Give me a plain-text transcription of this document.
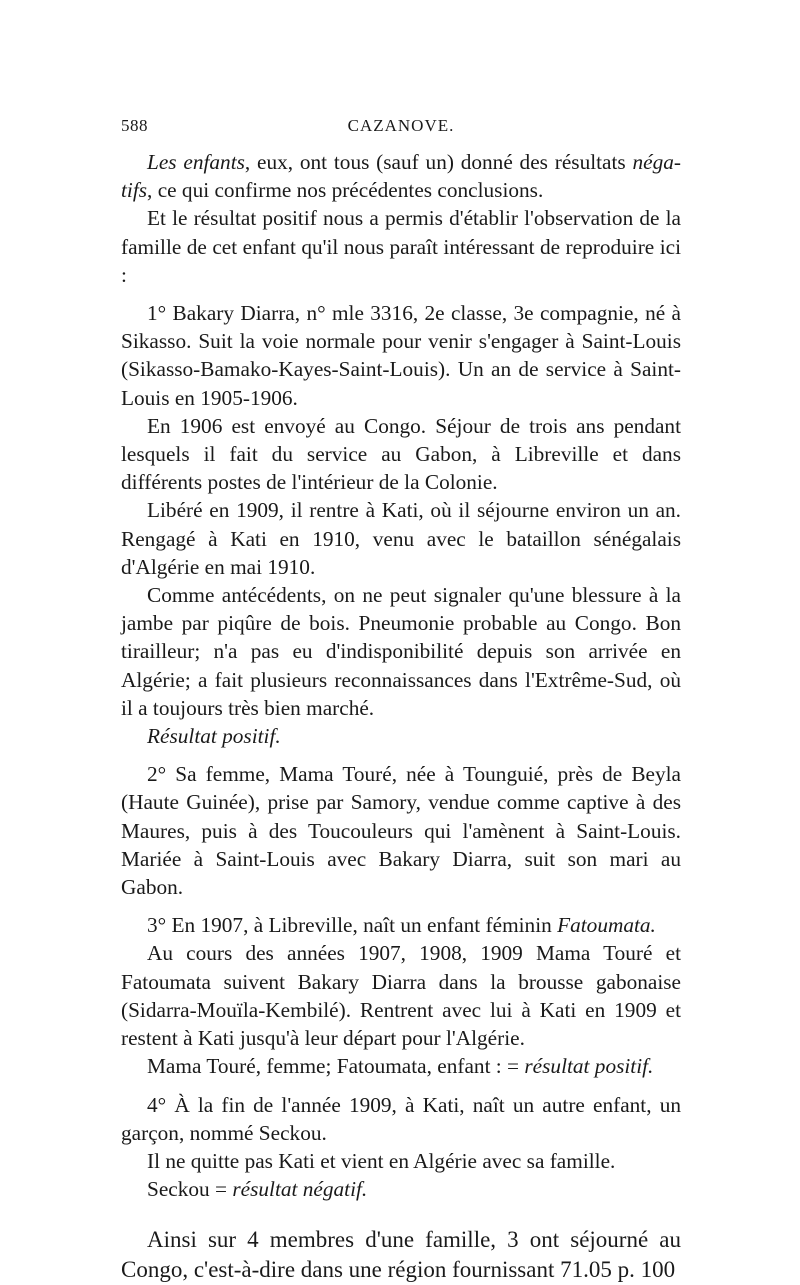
588	CAZANOVE.

Les enfants, eux, ont tous (sauf un) donné des résultats néga-tifs, ce qui confirme nos précédentes conclusions.

Et le résultat positif nous a permis d'établir l'observation de la famille de cet enfant qu'il nous paraît intéressant de reproduire ici :

1° Bakary Diarra, n° mle 3316, 2e classe, 3e compagnie, né à Sikasso. Suit la voie normale pour venir s'engager à Saint-Louis (Sikasso-Bamako-Kayes-Saint-Louis). Un an de service à Saint-Louis en 1905-1906.

En 1906 est envoyé au Congo. Séjour de trois ans pendant lesquels il fait du service au Gabon, à Libreville et dans différents postes de l'intérieur de la Colonie.

Libéré en 1909, il rentre à Kati, où il séjourne environ un an. Rengagé à Kati en 1910, venu avec le bataillon sénégalais d'Algérie en mai 1910.

Comme antécédents, on ne peut signaler qu'une blessure à la jambe par piqûre de bois. Pneumonie probable au Congo. Bon tirailleur; n'a pas eu d'indisponibilité depuis son arrivée en Algérie; a fait plusieurs reconnaissances dans l'Extrême-Sud, où il a toujours très bien marché.

Résultat positif.

2° Sa femme, Mama Touré, née à Tounguié, près de Beyla (Haute Guinée), prise par Samory, vendue comme captive à des Maures, puis à des Toucouleurs qui l'amènent à Saint-Louis. Mariée à Saint-Louis avec Bakary Diarra, suit son mari au Gabon.

3° En 1907, à Libreville, naît un enfant féminin Fatoumata.

Au cours des années 1907, 1908, 1909 Mama Touré et Fatoumata suivent Bakary Diarra dans la brousse gabonaise (Sidarra-Mouïla-Kembilé). Rentrent avec lui à Kati en 1909 et restent à Kati jusqu'à leur départ pour l'Algérie.

Mama Touré, femme; Fatoumata, enfant : = résultat positif.

4° À la fin de l'année 1909, à Kati, naît un autre enfant, un garçon, nommé Seckou.

Il ne quitte pas Kati et vient en Algérie avec sa famille.

Seckou = résultat négatif.

Ainsi sur 4 membres d'une famille, 3 ont séjourné au Congo, c'est-à-dire dans une région fournissant 71.05 p. 100
